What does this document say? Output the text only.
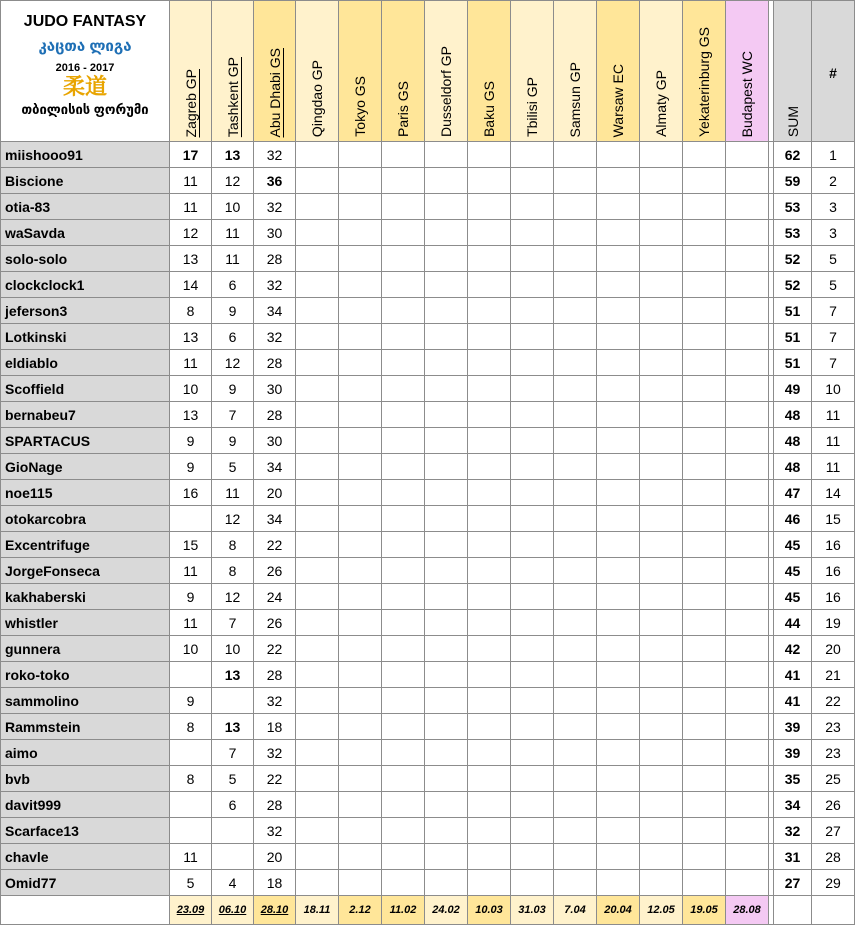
JUDO FANTASY
კაცთა ლიგა
2016 - 2017
柔道
თბილისის ფორუმი	Zagreb GP	Tashkent GP	Abu Dhabi GS	Qingdao GP	Tokyo GS	Paris GS	Dusseldorf GP	Baku GS	Tbilisi GP	Samsun GP	Warsaw EC	Almaty GP	Yekaterinburg GS	Budapest WC		SUM	#

miishooo91	17	13	32													62	1
Biscione	11	12	36													59	2
otia-83	11	10	32													53	3
waSavda	12	11	30													53	3
solo-solo	13	11	28													52	5
clockclock1	14	6	32													52	5
jeferson3	8	9	34													51	7
Lotkinski	13	6	32													51	7
eldiablo	11	12	28													51	7
Scoffield	10	9	30													49	10
bernabeu7	13	7	28													48	11
SPARTACUS	9	9	30													48	11
GioNage	9	5	34													48	11
noe115	16	11	20													47	14
otokarcobra		12	34													46	15
Excentrifuge	15	8	22													45	16
JorgeFonseca	11	8	26													45	16
kakhaberski	9	12	24													45	16
whistler	11	7	26													44	19
gunnera	10	10	22													42	20
roko-toko		13	28													41	21
sammolino	9		32													41	22
Rammstein	8	13	18													39	23
aimo		7	32													39	23
bvb	8	5	22													35	25
davit999		6	28													34	26
Scarface13			32													32	27
chavle	11		20													31	28
Omid77	5	4	18													27	29
	23.09	06.10	28.10	18.11	2.12	11.02	24.02	10.03	31.03	7.04	20.04	12.05	19.05	28.08			
